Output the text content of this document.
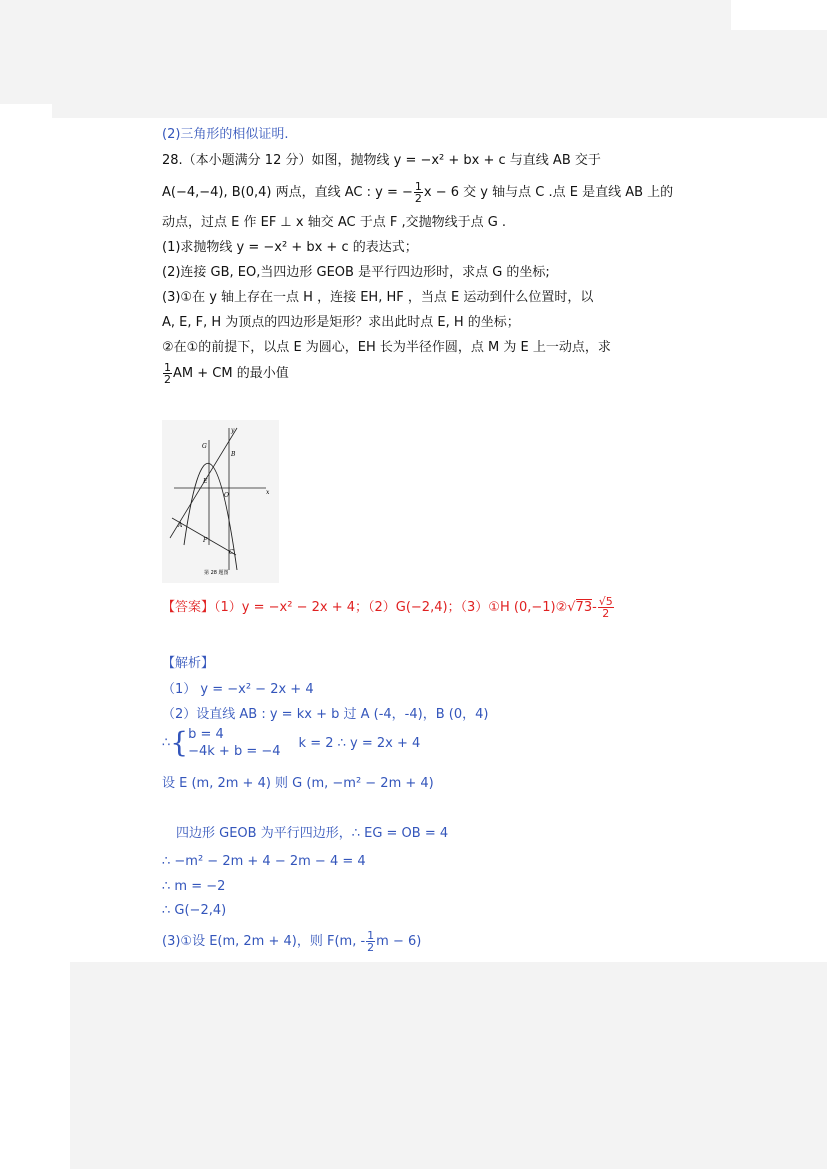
(2)三角形的相似证明.
28.（本小题满分 12 分）如图，抛物线 y = −x² + bx + c 与直线 AB 交于
A(−4,−4), B(0,4) 两点，直线 AC : y = − $\frac{1}{2}$ x − 6 交 y 轴与点 C .点 E 是直线 AB 上的
动点，过点 E 作 EF ⊥ x 轴交 AC 于点 F ,交抛物线于点 G .
(1)求抛物线 y = −x² + bx + c 的表达式；
(2)连接 GB, EO,当四边形 GEOB 是平行四边形时，求点 G 的坐标;
(3)①在 y 轴上存在一点 H ，连接 EH, HF ，当点 E 运动到什么位置时，以
A, E, F, H 为顶点的四边形是矩形？求出此时点 E, H 的坐标；
②在①的前提下，以点 E 为圆心，EH 长为半径作圆，点 M 为 E 上一动点，求
$\frac{1}{2}$ AM + CM 的最小值
G
B
E
O	x
y
A
F
C
第 28 题图
【答案】（1）y = −x² − 2x + 4；（2）G(−2,4)；（3）①H (0,−1)②√73- $\frac{√5}{2}$
【解析】
（1） y = −x² − 2x + 4
（2）设直线 AB : y = kx + b 过 A (-4，-4)，B (0，4)
∴{ b = 4
−4k + b = −4
k = 2 ∴ y = 2x + 4
设 E (m, 2m + 4) 则 G (m, −m² − 2m + 4)
四边形 GEOB 为平行四边形，∴ EG = OB = 4
∴ −m² − 2m + 4 − 2m − 4 = 4
∴ m = −2
∴ G(−2,4)
(3)①设 E(m, 2m + 4)，则 F(m, - $\frac{1}{2}$ m − 6)
